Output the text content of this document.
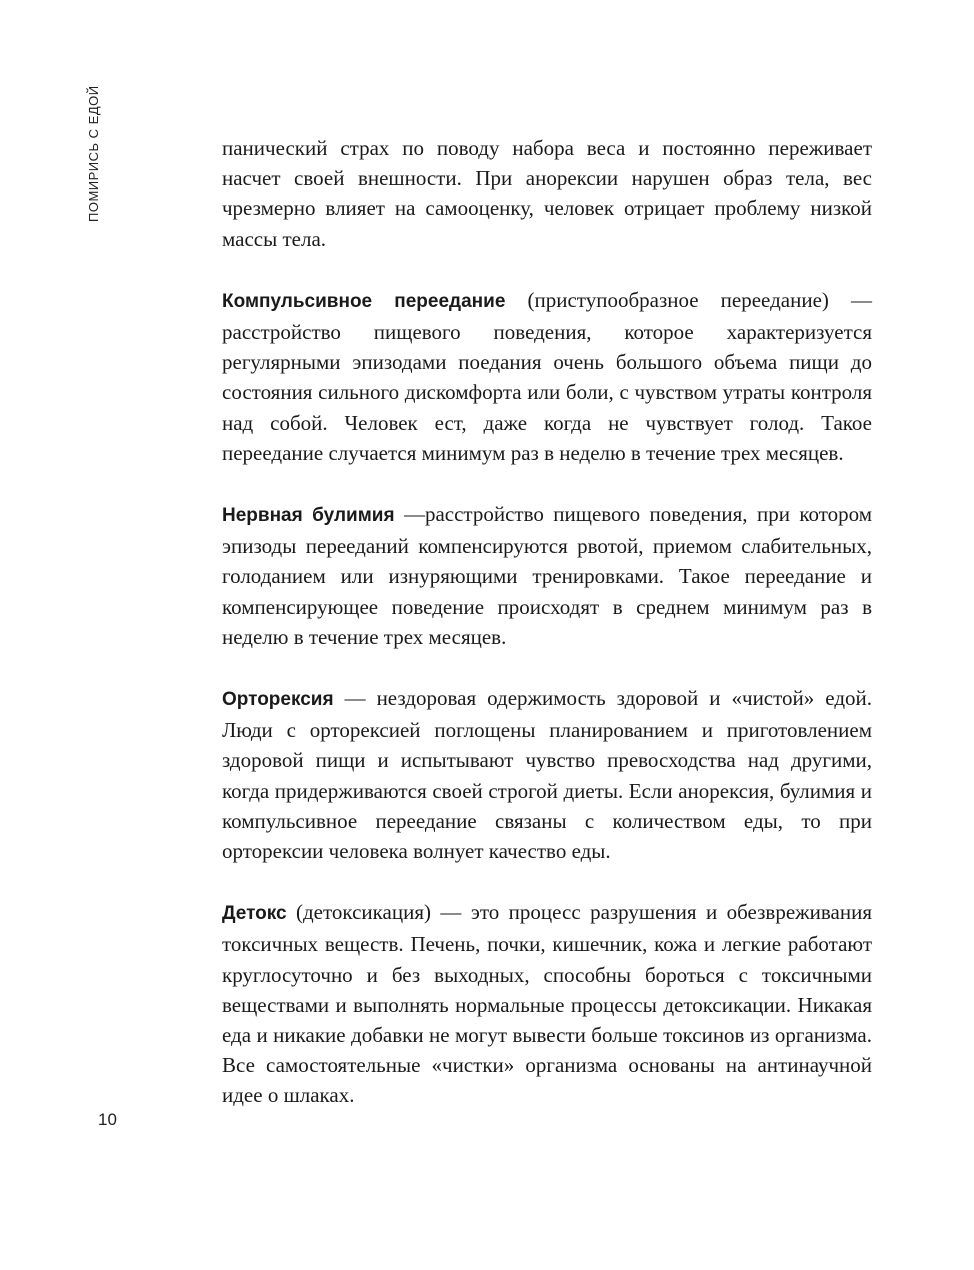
ПОМИРИСЬ С ЕДОЙ	панический страх по поводу набора веса и постоянно переживает насчет своей внешности. При анорексии нарушен образ тела, вес чрезмерно влияет на самооценку, человек отрицает проблему низкой массы тела.

Компульсивное переедание (приступообразное переедание) — расстройство пищевого поведения, которое характеризуется регулярными эпизодами поедания очень большого объема пищи до состояния сильного дискомфорта или боли, с чувством утраты контроля над собой. Человек ест, даже когда не чувствует голод. Такое переедание случается минимум раз в неделю в течение трех месяцев.

Нервная булимия —расстройство пищевого поведения, при котором эпизоды перееданий компенсируются рвотой, приемом слабительных, голоданием или изнуряющими тренировками. Такое переедание и компенсирующее поведение происходят в среднем минимум раз в неделю в течение трех месяцев.

Орторексия — нездоровая одержимость здоровой и «чистой» едой. Люди с орторексией поглощены планированием и приготовлением здоровой пищи и испытывают чувство превосходства над другими, когда придерживаются своей строгой диеты. Если анорексия, булимия и компульсивное переедание связаны с количеством еды, то при орторексии человека волнует качество еды.

Детокс (детоксикация) — это процесс разрушения и обезвреживания токсичных веществ. Печень, почки, кишечник, кожа и легкие работают круглосуточно и без выходных, способны бороться с токсичными веществами и выполнять нормальные процессы детоксикации. Никакая еда и никакие добавки не могут вывести больше токсинов из организма. Все самостоятельные «чистки» организма основаны на антинаучной идее о шлаках.

10
